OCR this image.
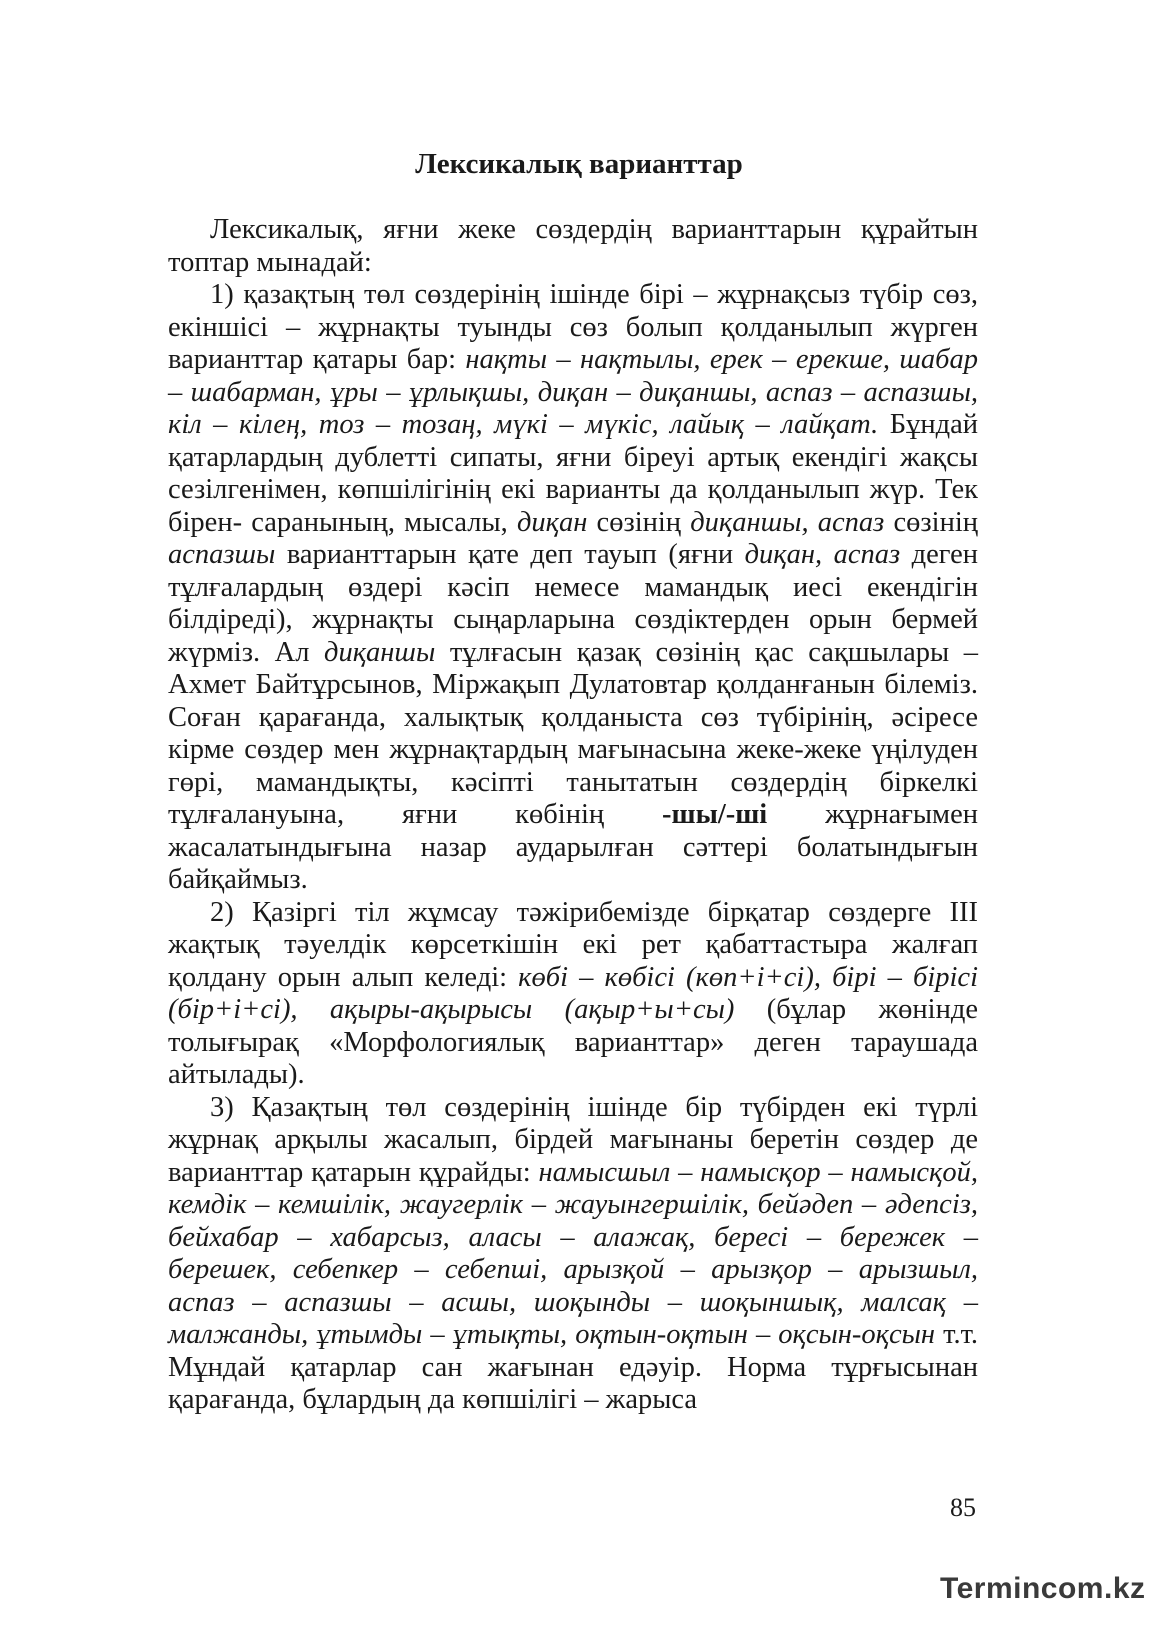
Лексикалық варианттар

Лексикалық, яғни жеке сөздердің варианттарын құрайтын топтар мынадай:

1) қазақтың төл сөздерінің ішінде бірі – жұрнақсыз түбір сөз, екіншісі – жұрнақты туынды сөз болып қолданылып жүрген варианттар қатары бар: нақты – нақтылы, ерек – ерекше, шабар – шабарман, ұры – ұрлықшы, диқан – диқаншы, аспаз – аспазшы, кіл – кілең, тоз – тозаң, мүкі – мүкіс, лайық – лайқат. Бұндай қатарлардың дублетті сипаты, яғни біреуі артық екендігі жақсы сезілгенімен, көпшілігінің екі варианты да қолданылып жүр. Тек бірен- саранының, мысалы, диқан сөзінің диқаншы, аспаз сөзінің аспазшы варианттарын қате деп тауып (яғни диқан, аспаз деген тұлғалардың өздері кәсіп немесе мамандық иесі екендігін білдіреді), жұрнақты сыңарларына сөздіктерден орын бермей жүрміз. Ал диқаншы тұлғасын қазақ сөзінің қас сақшылары – Ахмет Байтұрсынов, Міржақып Дулатовтар қолданғанын білеміз. Соған қарағанда, халықтық қолданыста сөз түбірінің, әсіресе кірме сөздер мен жұрнақтардың мағынасына жеке-жеке үңілуден гөрі, мамандықты, кәсіпті танытатын сөздердің біркелкі тұлғалануына, яғни көбінің -шы/-ші жұрнағымен жасалатындығына назар аударылған сәттері болатындығын байқаймыз.

2) Қазіргі тіл жұмсау тәжірибемізде бірқатар сөздерге ІІІ жақтық тәуелдік көрсеткішін екі рет қабаттастыра жалғап қолдану орын алып келеді: көбі – көбісі (көп+і+сі), бірі – бірісі (бір+і+сі), ақыры-ақырысы (ақыр+ы+сы) (бұлар жөнінде толығырақ «Морфологиялық варианттар» деген тараушада айтылады).

3) Қазақтың төл сөздерінің ішінде бір түбірден екі түрлі жұрнақ арқылы жасалып, бірдей мағынаны беретін сөздер де варианттар қатарын құрайды: намысшыл – намысқор – намысқой, кемдік – кемшілік, жаугерлік – жауынгершілік, бейәдеп – әдепсіз, бейхабар – хабарсыз, аласы – алажақ, бересі – бережек – берешек, себепкер – себепші, арызқой – арызқор – арызшыл, аспаз – аспазшы – асшы, шоқынды – шоқыншық, малсақ – малжанды, ұтымды – ұтықты, оқтын-оқтын – оқсын-оқсын т.т. Мұндай қатарлар сан жағынан едәуір. Норма тұрғысынан қарағанда, бұлардың да көпшілігі – жарыса

85
Termincom.kz
